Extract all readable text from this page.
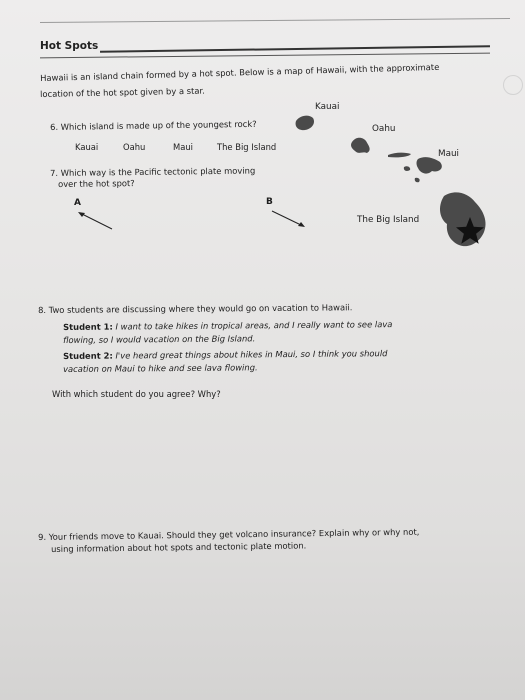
Hot Spots
Hawaii is an island chain formed by a hot spot. Below is a map of Hawaii, with the approximate
location of the hot spot given by a star.
6. Which island is made up of the youngest rock?
Kauai	Oahu	Maui	The Big Island
7. Which way is the Pacific tectonic plate moving
over the hot spot?
A	B
Kauai
Oahu
Maui
The Big Island
8. Two students are discussing where they would go on vacation to Hawaii.
Student 1: I want to take hikes in tropical areas, and I really want to see lava
flowing, so I would vacation on the Big Island.
Student 2: I've heard great things about hikes in Maui, so I think you should
vacation on Maui to hike and see lava flowing.
With which student do you agree? Why?
9. Your friends move to Kauai. Should they get volcano insurance? Explain why or why not,
using information about hot spots and tectonic plate motion.
